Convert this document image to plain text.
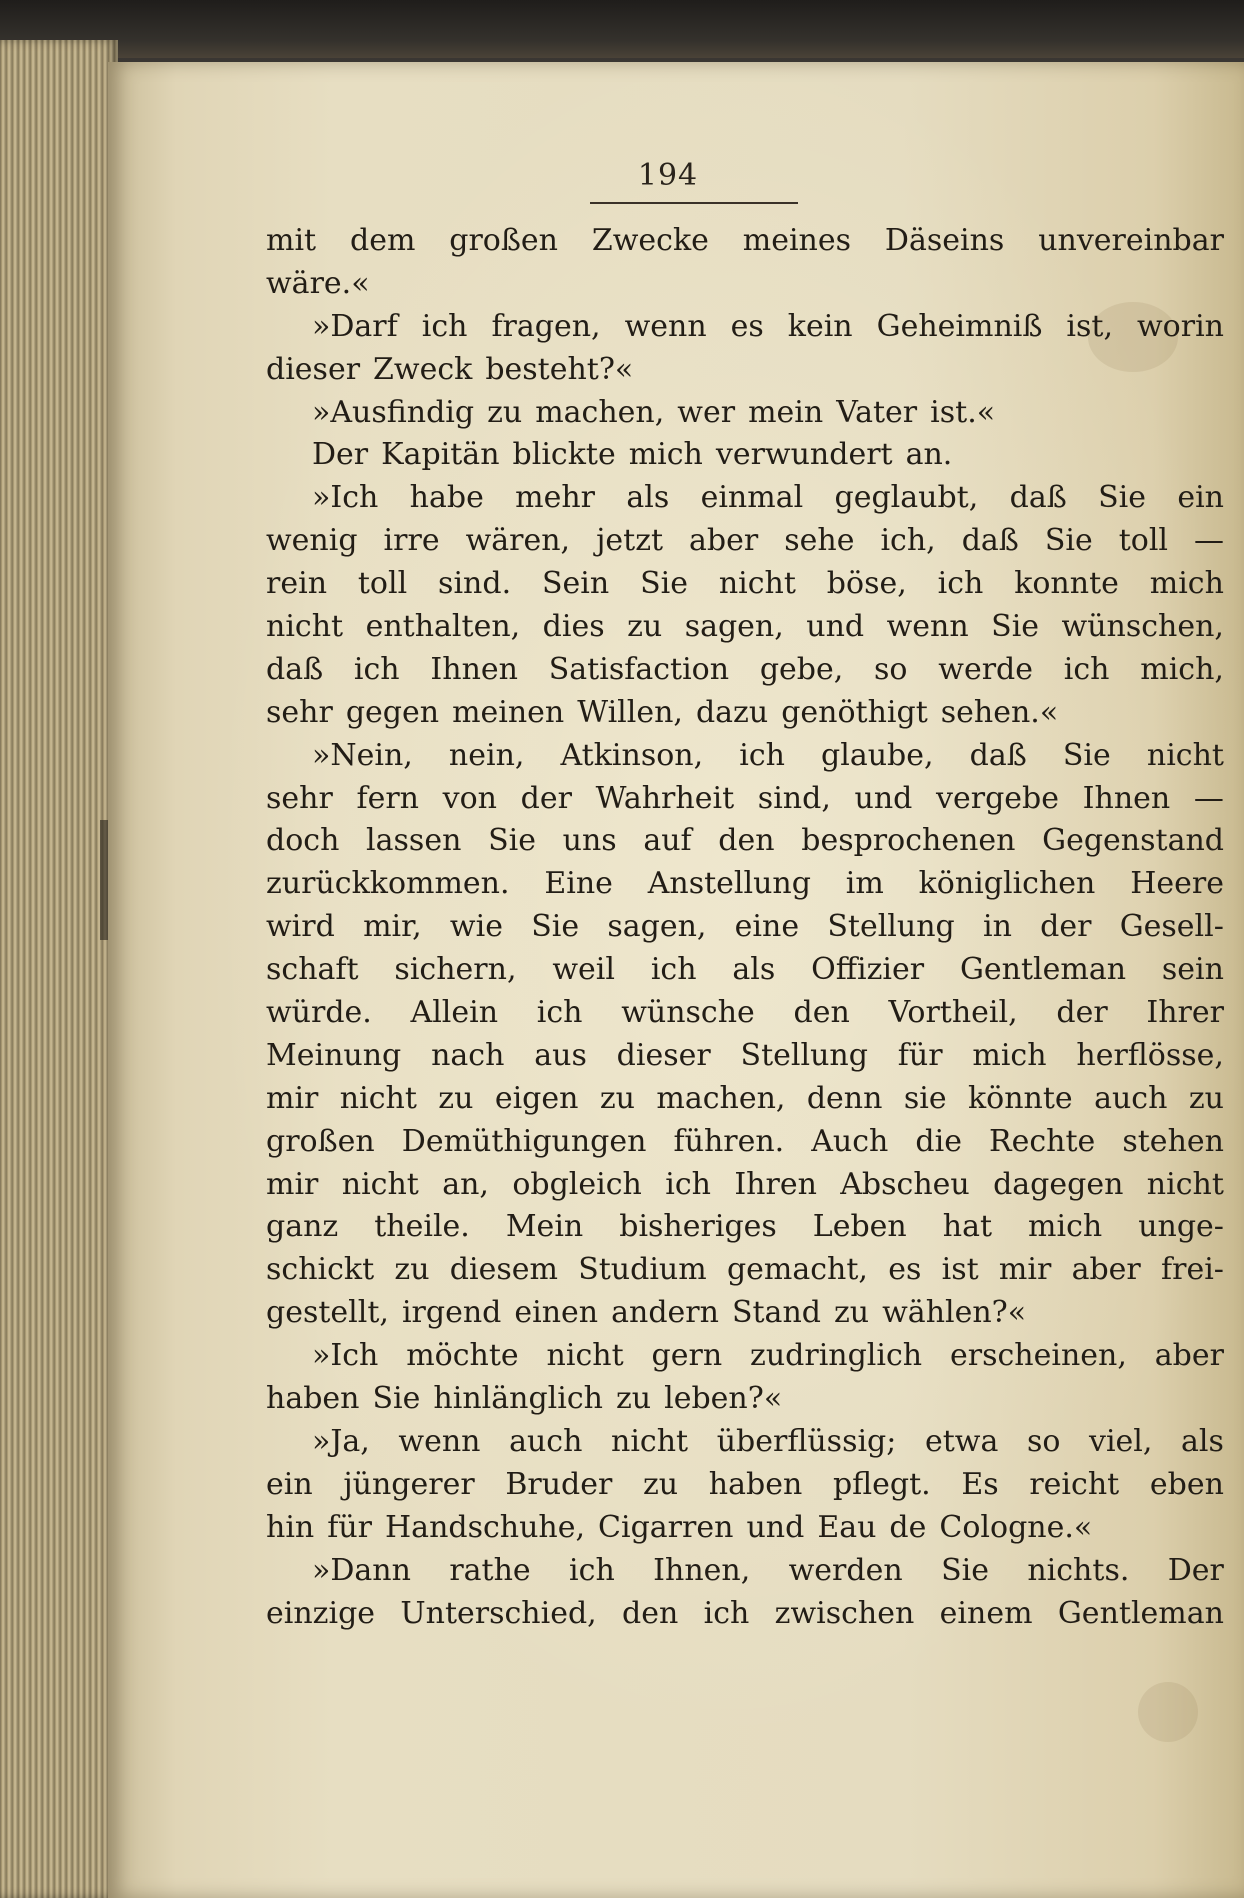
194
mit dem großen Zwecke meines Däseins unvereinbar
wäre.«
»Darf ich fragen, wenn es kein Geheimniß ist, worin
dieser Zweck besteht?«
»Ausfindig zu machen, wer mein Vater ist.«
Der Kapitän blickte mich verwundert an.
»Ich habe mehr als einmal geglaubt, daß Sie ein
wenig irre wären, jetzt aber sehe ich, daß Sie toll —
rein toll sind. Sein Sie nicht böse, ich konnte mich
nicht enthalten, dies zu sagen, und wenn Sie wünschen,
daß ich Ihnen Satisfaction gebe, so werde ich mich,
sehr gegen meinen Willen, dazu genöthigt sehen.«
»Nein, nein, Atkinson, ich glaube, daß Sie nicht
sehr fern von der Wahrheit sind, und vergebe Ihnen —
doch lassen Sie uns auf den besprochenen Gegenstand
zurückkommen. Eine Anstellung im königlichen Heere
wird mir, wie Sie sagen, eine Stellung in der Gesell-
schaft sichern, weil ich als Offizier Gentleman sein
würde. Allein ich wünsche den Vortheil, der Ihrer
Meinung nach aus dieser Stellung für mich herflösse,
mir nicht zu eigen zu machen, denn sie könnte auch zu
großen Demüthigungen führen. Auch die Rechte stehen
mir nicht an, obgleich ich Ihren Abscheu dagegen nicht
ganz theile. Mein bisheriges Leben hat mich unge-
schickt zu diesem Studium gemacht, es ist mir aber frei-
gestellt, irgend einen andern Stand zu wählen?«
»Ich möchte nicht gern zudringlich erscheinen, aber
haben Sie hinlänglich zu leben?«
»Ja, wenn auch nicht überflüssig; etwa so viel, als
ein jüngerer Bruder zu haben pflegt. Es reicht eben
hin für Handschuhe, Cigarren und Eau de Cologne.«
»Dann rathe ich Ihnen, werden Sie nichts. Der
einzige Unterschied, den ich zwischen einem Gentleman
